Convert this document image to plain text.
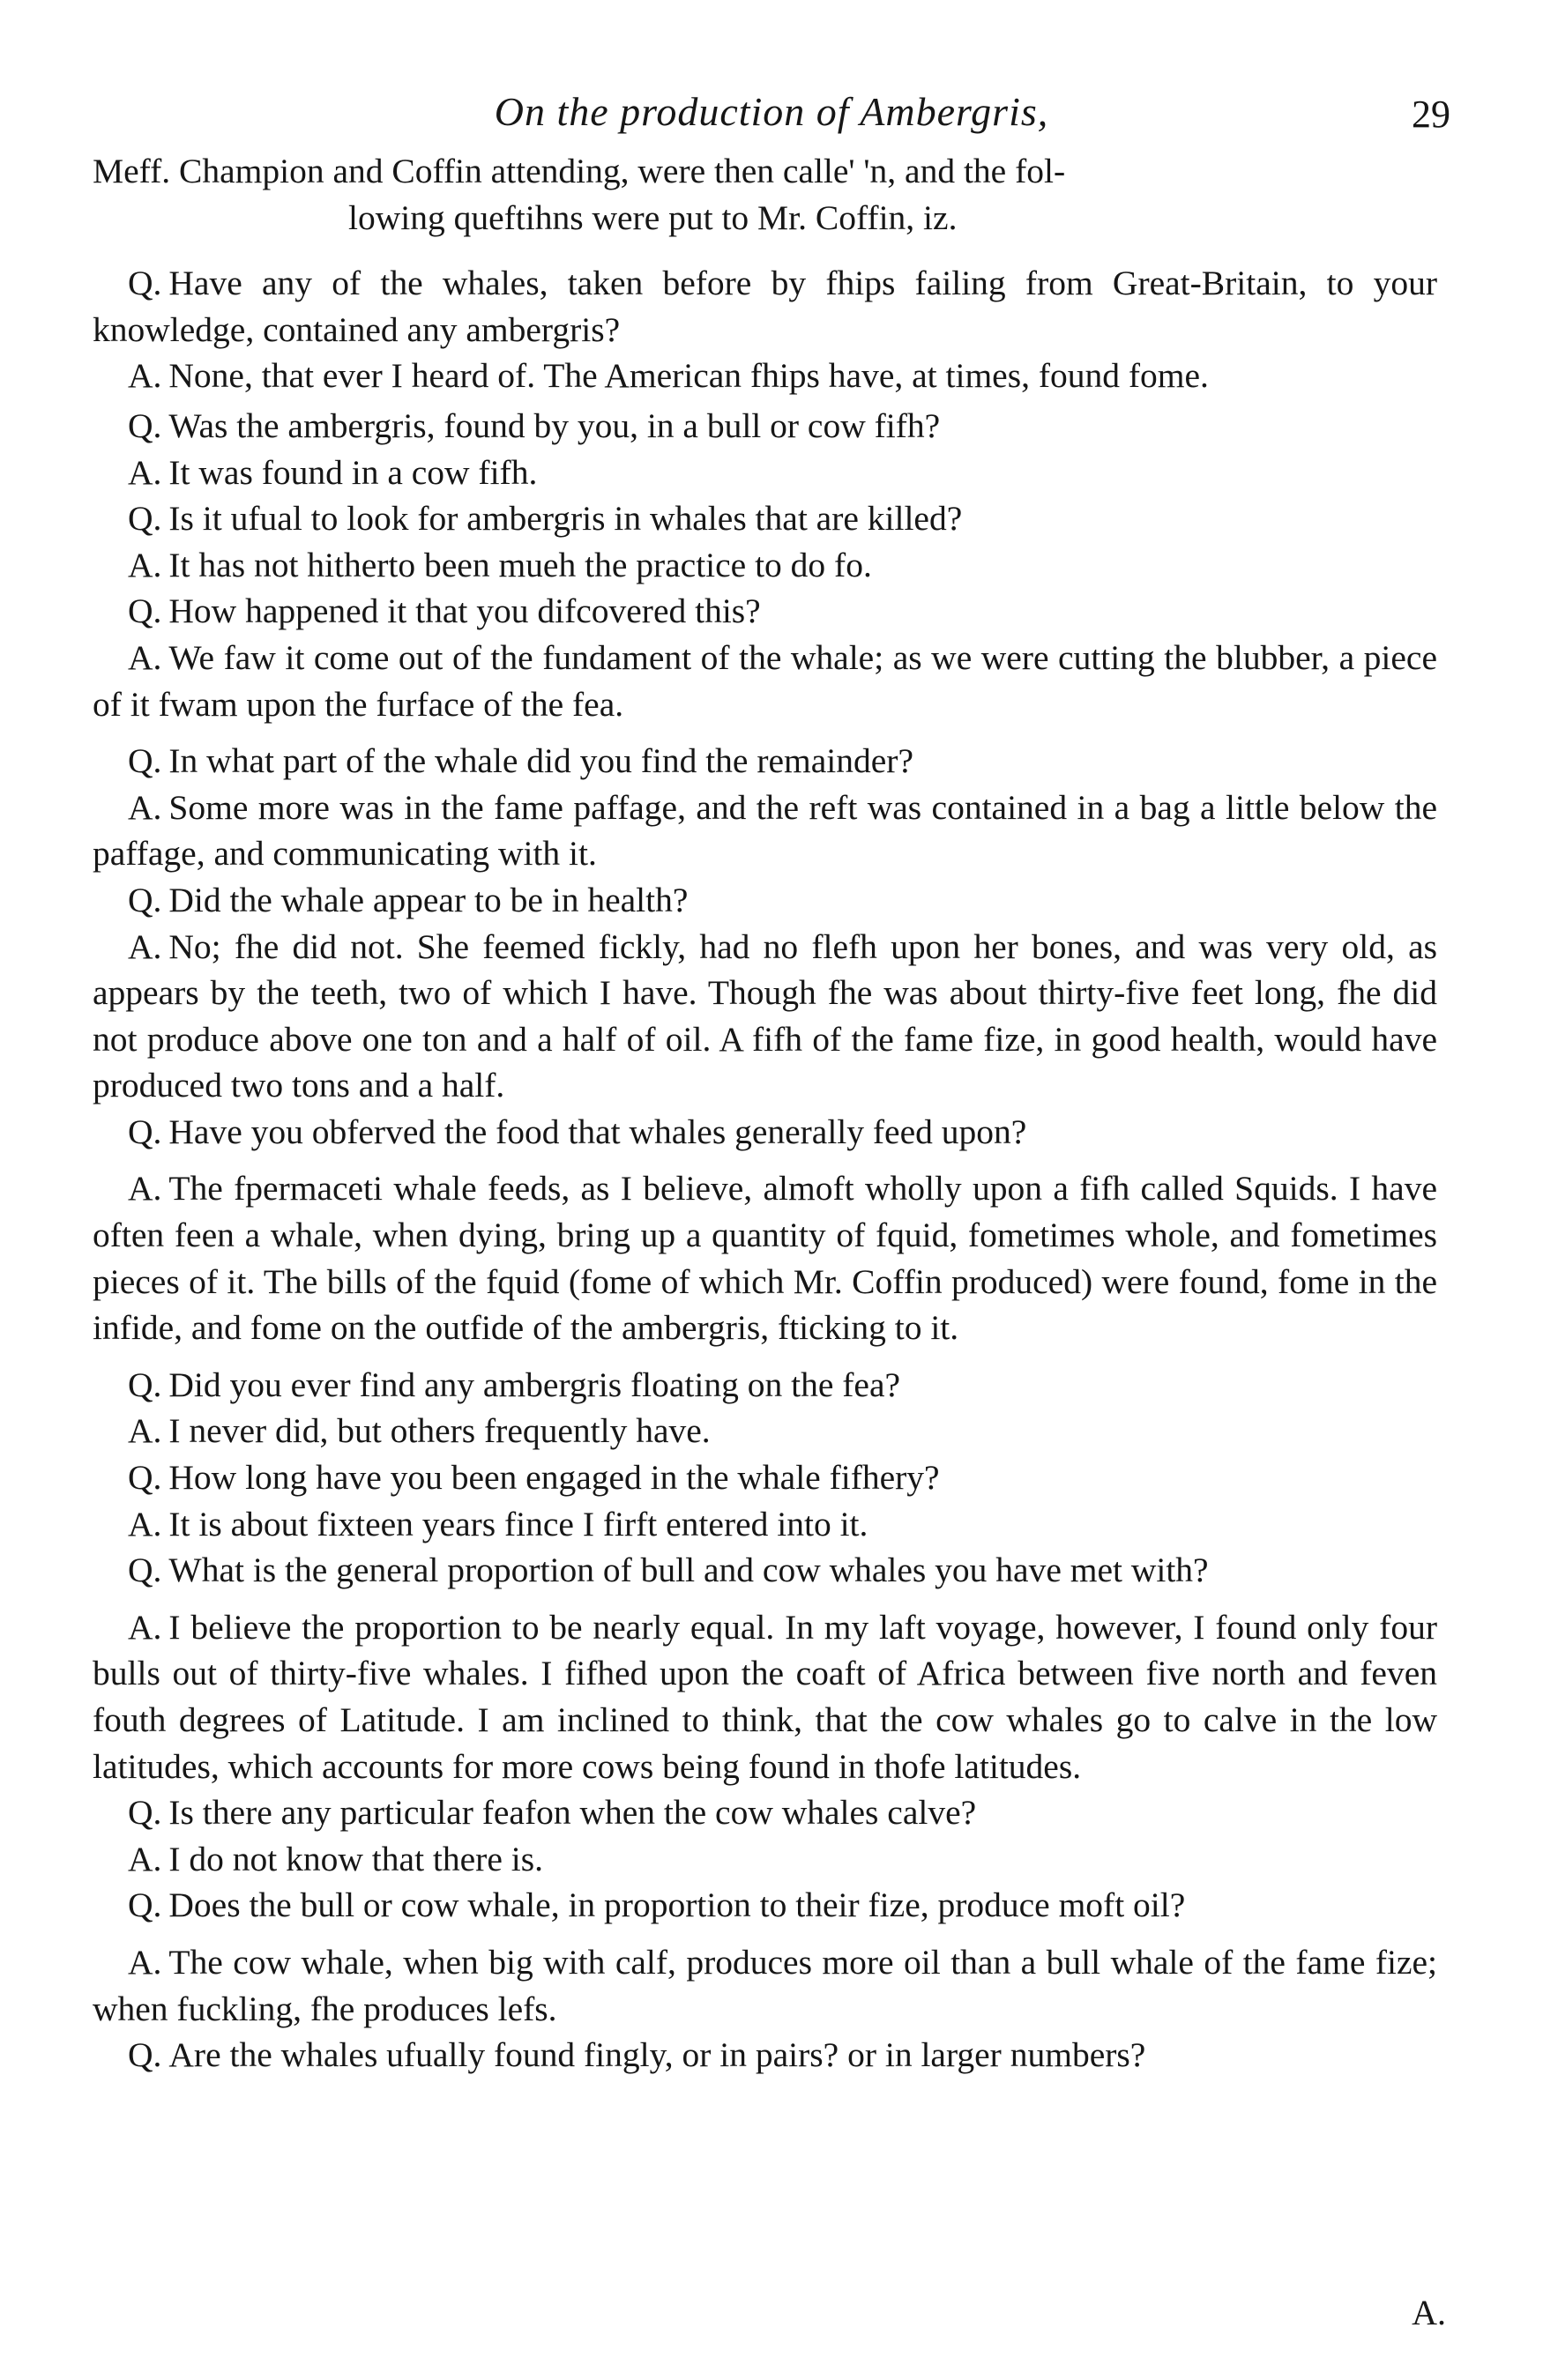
On the production of Ambergris,	29
Meff. Champion and Coffin attending, were then calle' 'n, and the fol-
lowing queftihns were put to Mr. Coffin, iz.

Q. Have any of the whales, taken before by fhips failing from Great-Britain, to your knowledge, contained any ambergris?

A. None, that ever I heard of. The American fhips have, at times, found fome.

Q. Was the ambergris, found by you, in a bull or cow fifh?

A. It was found in a cow fifh.

Q. Is it ufual to look for ambergris in whales that are killed?

A. It has not hitherto been mueh the practice to do fo.

Q. How happened it that you difcovered this?

A. We faw it come out of the fundament of the whale; as we were cutting the blubber, a piece of it fwam upon the furface of the fea.

Q. In what part of the whale did you find the remainder?

A. Some more was in the fame paffage, and the reft was contained in a bag a little below the paffage, and communicating with it.

Q. Did the whale appear to be in health?

A. No; fhe did not. She feemed fickly, had no flefh upon her bones, and was very old, as appears by the teeth, two of which I have. Though fhe was about thirty-five feet long, fhe did not produce above one ton and a half of oil. A fifh of the fame fize, in good health, would have produced two tons and a half.

Q. Have you obferved the food that whales generally feed upon?

A. The fpermaceti whale feeds, as I believe, almoft wholly upon a fifh called Squids. I have often feen a whale, when dying, bring up a quantity of fquid, fometimes whole, and fometimes pieces of it. The bills of the fquid (fome of which Mr. Coffin produced) were found, fome in the infide, and fome on the outfide of the ambergris, fticking to it.

Q. Did you ever find any ambergris floating on the fea?

A. I never did, but others frequently have.

Q. How long have you been engaged in the whale fifhery?

A. It is about fixteen years fince I firft entered into it.

Q. What is the general proportion of bull and cow whales you have met with?

A. I believe the proportion to be nearly equal. In my laft voyage, however, I found only four bulls out of thirty-five whales. I fifhed upon the coaft of Africa between five north and feven fouth degrees of Latitude. I am inclined to think, that the cow whales go to calve in the low latitudes, which accounts for more cows being found in thofe latitudes.

Q. Is there any particular feafon when the cow whales calve?

A. I do not know that there is.

Q. Does the bull or cow whale, in proportion to their fize, produce moft oil?

A. The cow whale, when big with calf, produces more oil than a bull whale of the fame fize; when fuckling, fhe produces lefs.

Q. Are the whales ufually found fingly, or in pairs? or in larger numbers?

A.
